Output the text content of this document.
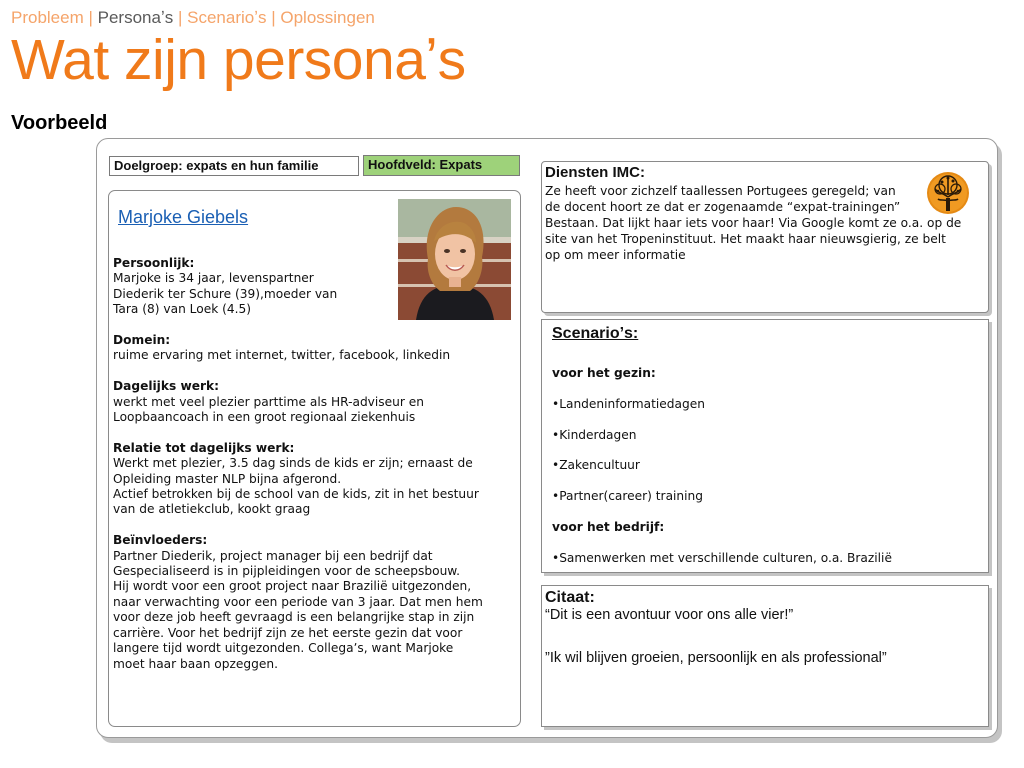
Probleem | Personaʼs | Scenarioʼs | Oplossingen
Wat zijn personaʼs
Voorbeeld
Doelgroep: expats en hun familie	Hoofdveld: Expats
Marjoke Giebels

Persoonlijk:
Marjoke is 34 jaar, levenspartner
Diederik ter Schure (39),moeder van
Tara (8) van Loek (4.5)

Domein:
ruime ervaring met internet, twitter, facebook, linkedin

Dagelijks werk:
werkt met veel plezier parttime als HR-adviseur en
Loopbaancoach in een groot regionaal ziekenhuis

Relatie tot dagelijks werk:
Werkt met plezier, 3.5 dag sinds de kids er zijn; ernaast de
Opleiding master NLP bijna afgerond.
Actief betrokken bij de school van de kids, zit in het bestuur
van de atletiekclub, kookt graag

Beïnvloeders:
Partner Diederik, project manager bij een bedrijf dat
Gespecialiseerd is in pijpleidingen voor de scheepsbouw.
Hij wordt voor een groot project naar Brazilië uitgezonden,
naar verwachting voor een periode van 3 jaar. Dat men hem
voor deze job heeft gevraagd is een belangrijke stap in zijn
carrière. Voor het bedrijf zijn ze het eerste gezin dat voor
langere tijd wordt uitgezonden. Collegaʼs, want Marjoke
moet haar baan opzeggen.

Diensten IMC:
Ze heeft voor zichzelf taallessen Portugees geregeld; van
de docent hoort ze dat er zogenaamde “expat-trainingen”
Bestaan. Dat lijkt haar iets voor haar! Via Google komt ze o.a. op de
site van het Tropeninstituut. Het maakt haar nieuwsgierig, ze belt
op om meer informatie
Scenarioʼs:
voor het gezin:
•Landeninformatiedagen
•Kinderdagen
•Zakencultuur
•Partner(career) training
voor het bedrijf:
•Samenwerken met verschillende culturen, o.a. Brazilië
Citaat:
“Dit is een avontuur voor ons alle vier!”
”Ik wil blijven groeien, persoonlijk en als professional”
